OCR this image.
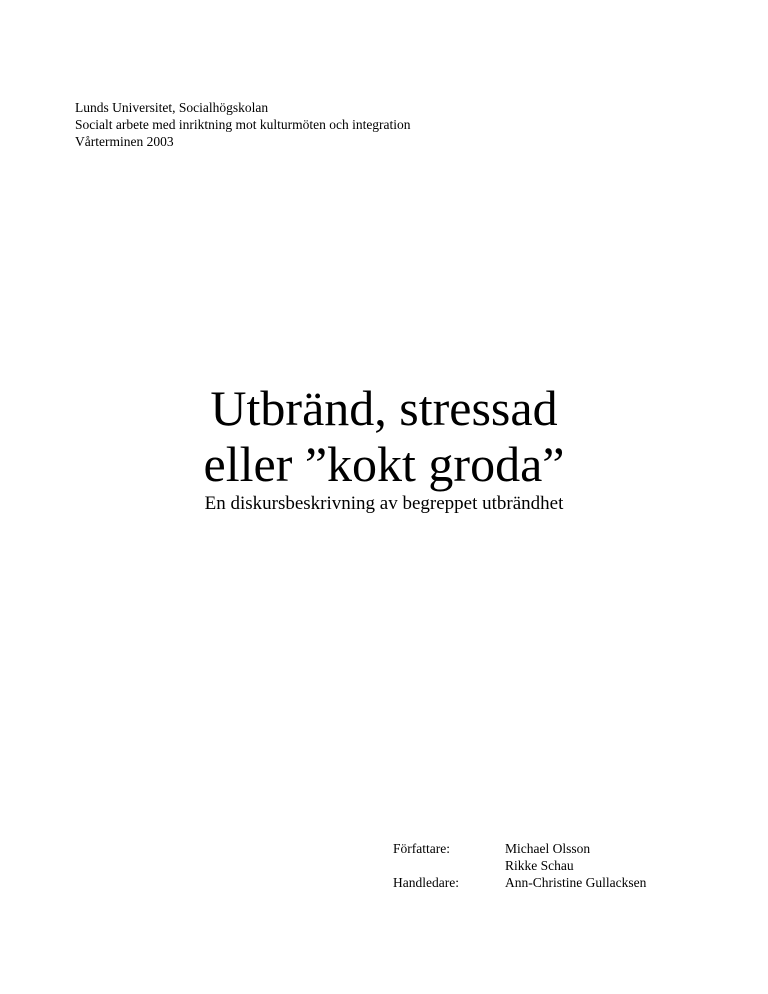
Lunds Universitet, Socialhögskolan
Socialt arbete med inriktning mot kulturmöten och integration
Vårterminen 2003
Utbränd, stressad
eller ”kokt groda”
En diskursbeskrivning av begreppet utbrändhet
Författare:	Michael Olsson
Rikke Schau
Handledare:	Ann-Christine Gullacksen
